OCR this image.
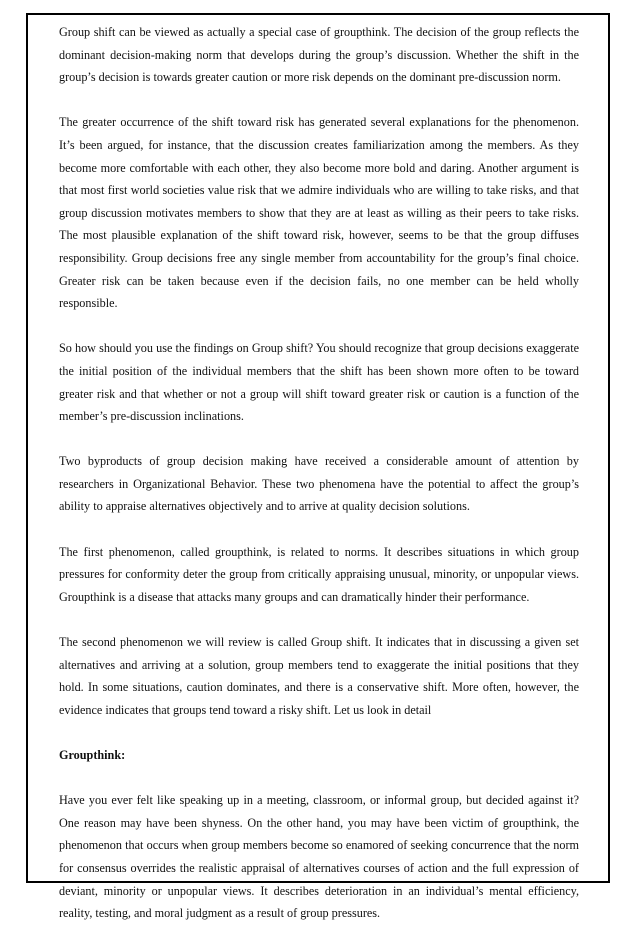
Group shift can be viewed as actually a special case of groupthink. The decision of the group reflects the dominant decision-making norm that develops during the group’s discussion. Whether the shift in the group’s decision is towards greater caution or more risk depends on the dominant pre-discussion norm.

The greater occurrence of the shift toward risk has generated several explanations for the phenomenon. It’s been argued, for instance, that the discussion creates familiarization among the members. As they become more comfortable with each other, they also become more bold and daring. Another argument is that most first world societies value risk that we admire individuals who are willing to take risks, and that group discussion motivates members to show that they are at least as willing as their peers to take risks. The most plausible explanation of the shift toward risk, however, seems to be that the group diffuses responsibility. Group decisions free any single member from accountability for the group’s final choice. Greater risk can be taken because even if the decision fails, no one member can be held wholly responsible.

So how should you use the findings on Group shift? You should recognize that group decisions exaggerate the initial position of the individual members that the shift has been shown more often to be toward greater risk and that whether or not a group will shift toward greater risk or caution is a function of the member’s pre-discussion inclinations.

Two byproducts of group decision making have received a considerable amount of attention by researchers in Organizational Behavior. These two phenomena have the potential to affect the group’s ability to appraise alternatives objectively and to arrive at quality decision solutions.

The first phenomenon, called groupthink, is related to norms. It describes situations in which group pressures for conformity deter the group from critically appraising unusual, minority, or unpopular views. Groupthink is a disease that attacks many groups and can dramatically hinder their performance.

The second phenomenon we will review is called Group shift. It indicates that in discussing a given set alternatives and arriving at a solution, group members tend to exaggerate the initial positions that they hold. In some situations, caution dominates, and there is a conservative shift. More often, however, the evidence indicates that groups tend toward a risky shift. Let us look in detail

Groupthink:

Have you ever felt like speaking up in a meeting, classroom, or informal group, but decided against it? One reason may have been shyness. On the other hand, you may have been victim of groupthink, the phenomenon that occurs when group members become so enamored of seeking concurrence that the norm for consensus overrides the realistic appraisal of alternatives courses of action and the full expression of deviant, minority or unpopular views. It describes deterioration in an individual’s mental efficiency, reality, testing, and moral judgment as a result of group pressures.
